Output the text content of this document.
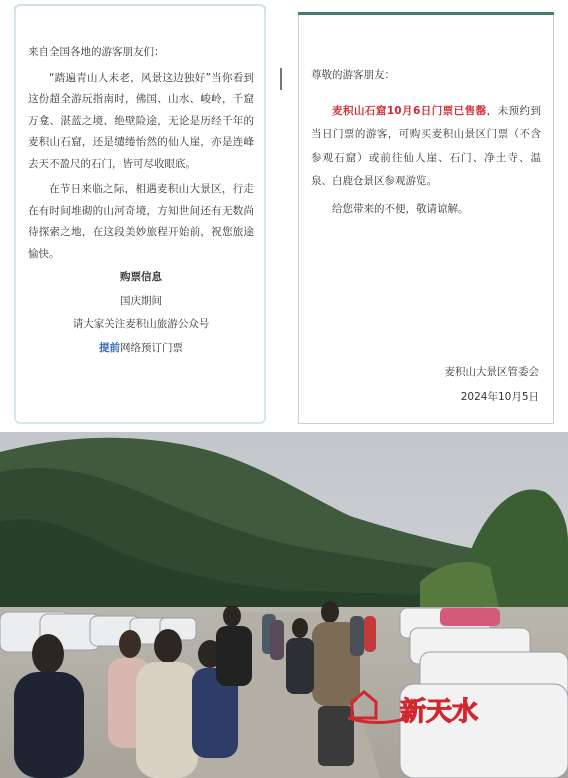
来自全国各地的游客朋友们：

“踏遍青山人未老，风景这边独好”当你看到这份超全游玩指南时，佛国、山水、峻岭，千窟万龛、湛蓝之境、绝壁险途，无论是历经千年的麦积山石窟，还是缱绻怡然的仙人崖，亦是连峰去天不盈尺的石门，皆可尽收眼底。

在节日来临之际，相遇麦积山大景区，行走在有时间堆砌的山河奇境，方知世间还有无数尚待探索之地，在这段美妙旅程开始前，祝您旅途愉快。

购票信息

国庆期间

请大家关注麦积山旅游公众号

提前网络预订门票

尊敬的游客朋友：

麦积山石窟10月6日门票已售罄，未预约到当日门票的游客，可购买麦积山景区门票（不含参观石窟）或前往仙人崖、石门、净土寺、温泉、白鹿仓景区参观游览。

给您带来的不便，敬请谅解。

麦积山大景区管委会
2024年10月5日
新天水
